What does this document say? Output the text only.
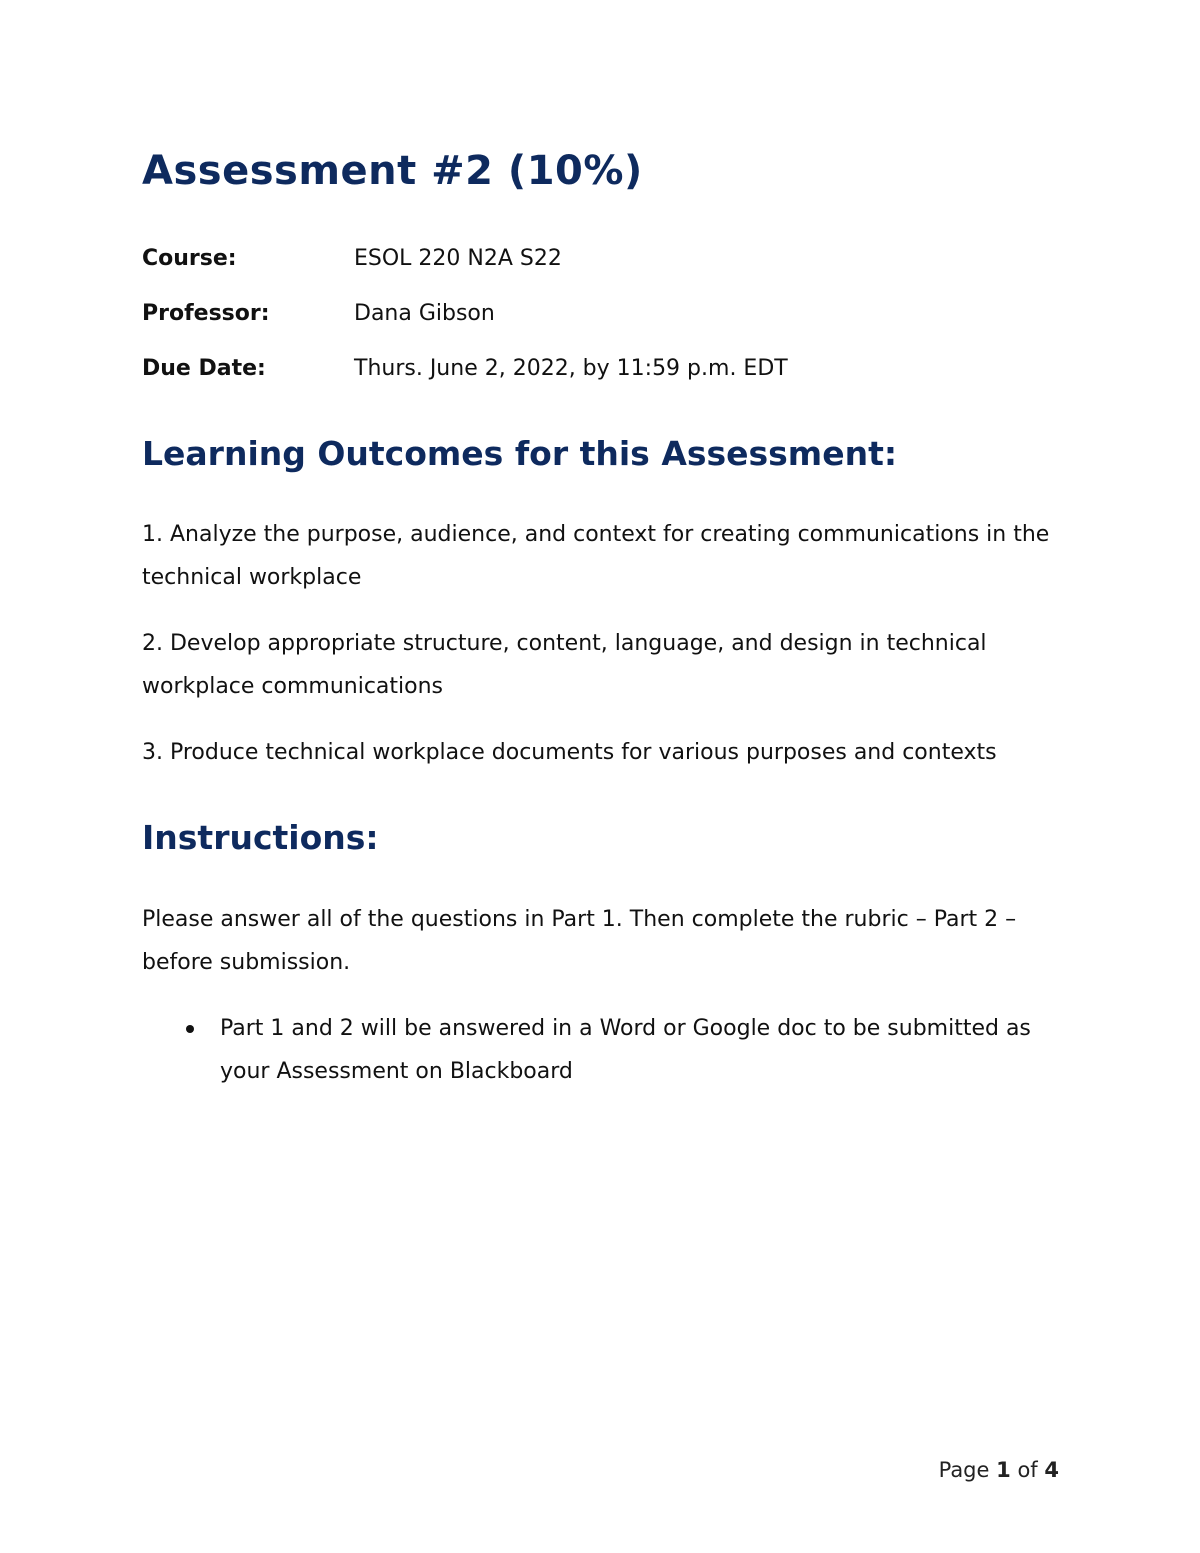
Assessment #2 (10%)
Course:	ESOL 220 N2A S22
Professor:	Dana Gibson
Due Date:	Thurs. June 2, 2022, by 11:59 p.m. EDT
Learning Outcomes for this Assessment:

1. Analyze the purpose, audience, and context for creating communications in the technical workplace

2. Develop appropriate structure, content, language, and design in technical workplace communications

3. Produce technical workplace documents for various purposes and contexts

Instructions:

Please answer all of the questions in Part 1. Then complete the rubric – Part 2 – before submission.

Part 1 and 2 will be answered in a Word or Google doc to be submitted as your Assessment on Blackboard
Page 1 of 4
